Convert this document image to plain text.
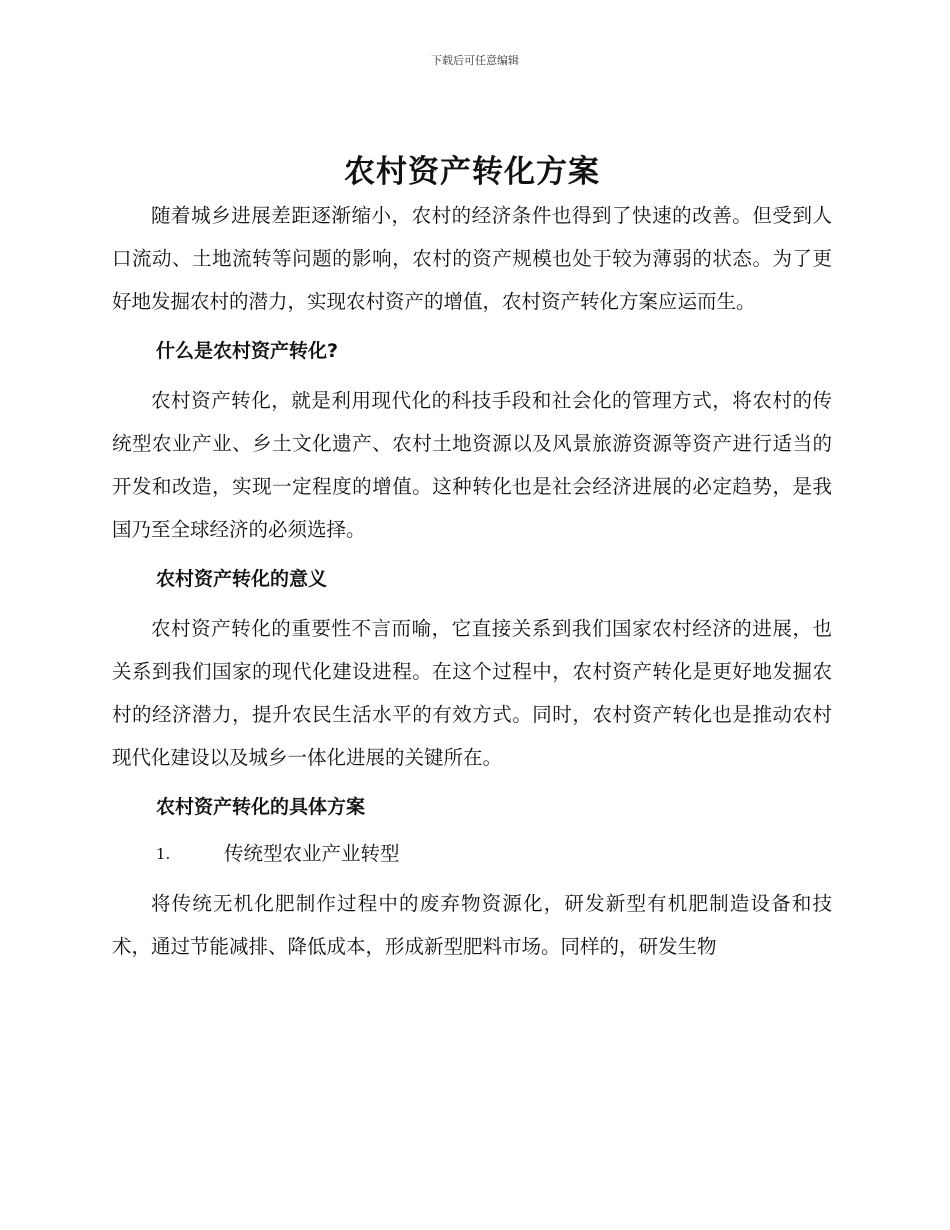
下载后可任意编辑
农村资产转化方案

随着城乡进展差距逐渐缩小，农村的经济条件也得到了快速的改善。但受到人口流动、土地流转等问题的影响，农村的资产规模也处于较为薄弱的状态。为了更好地发掘农村的潜力，实现农村资产的增值，农村资产转化方案应运而生。

什么是农村资产转化?

农村资产转化，就是利用现代化的科技手段和社会化的管理方式，将农村的传统型农业产业、乡土文化遗产、农村土地资源以及风景旅游资源等资产进行适当的开发和改造，实现一定程度的增值。这种转化也是社会经济进展的必定趋势，是我国乃至全球经济的必须选择。

农村资产转化的意义

农村资产转化的重要性不言而喻，它直接关系到我们国家农村经济的进展，也关系到我们国家的现代化建设进程。在这个过程中，农村资产转化是更好地发掘农村的经济潜力，提升农民生活水平的有效方式。同时，农村资产转化也是推动农村现代化建设以及城乡一体化进展的关键所在。

农村资产转化的具体方案
1.	传统型农业产业转型

将传统无机化肥制作过程中的废弃物资源化，研发新型有机肥制造设备和技术，通过节能减排、降低成本，形成新型肥料市场。同样的，研发生物
